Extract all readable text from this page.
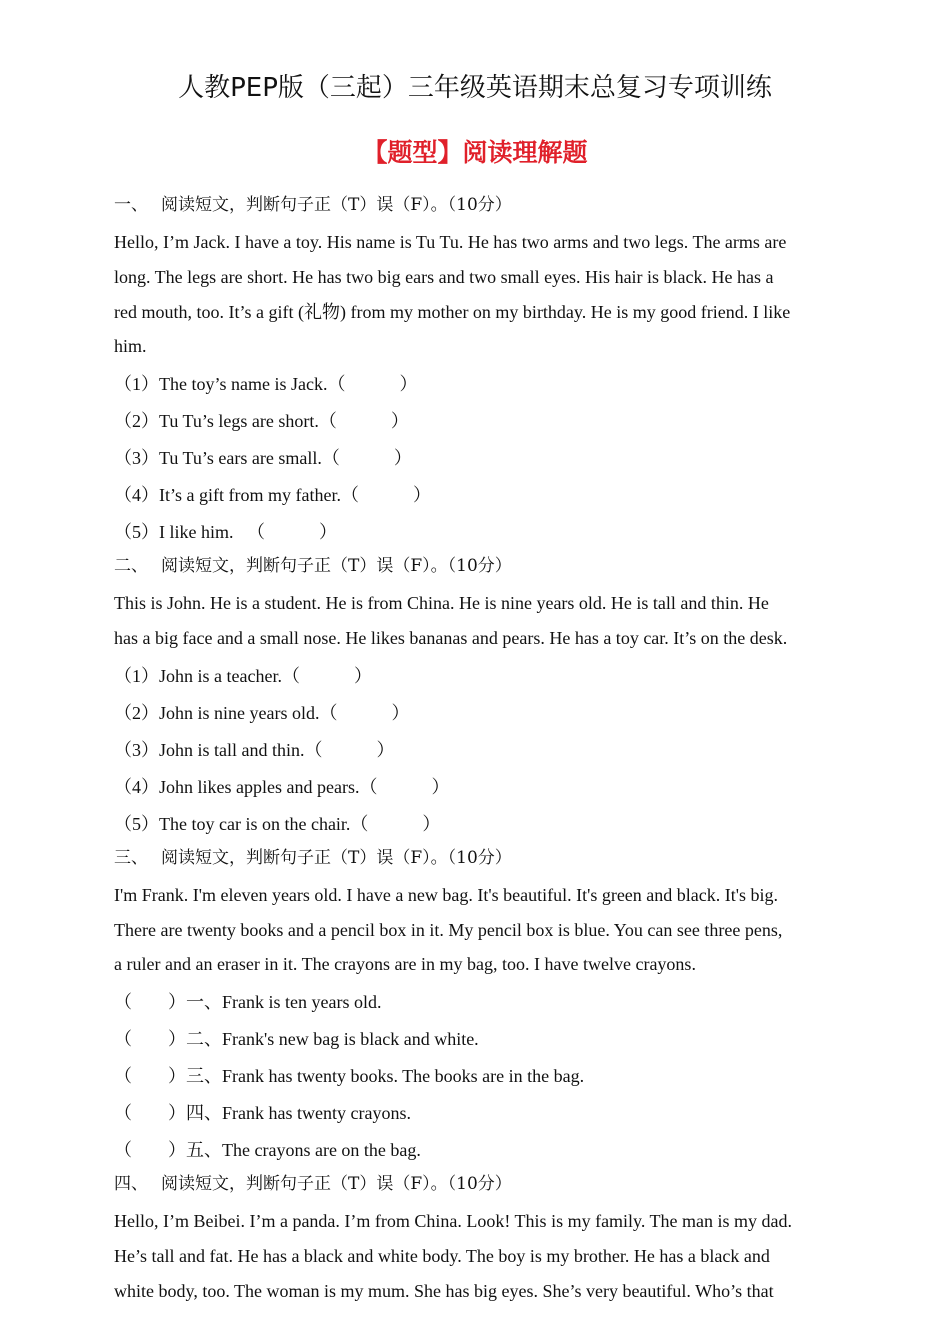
人教PEP版（三起）三年级英语期末总复习专项训练
【题型】阅读理解题
一、 阅读短文，判断句子正（T）误（F）。（10分）
Hello, I’m Jack. I have a toy. His name is Tu Tu. He has two arms and two legs. The arms are
long. The legs are short. He has two big ears and two small eyes. His hair is black. He has a
red mouth, too. It’s a gift (礼物) from my mother on my birthday. He is my good friend. I like
him.
（1）The toy’s name is Jack.（　　　）
（2）Tu Tu’s legs are short.（　　　）
（3）Tu Tu’s ears are small.（　　　）
（4）It’s a gift from my father.（　　　）
（5）I like him. 　（　　　）
二、 阅读短文，判断句子正（T）误（F）。（10分）
This is John. He is a student. He is from China. He is nine years old. He is tall and thin. He
has a big face and a small nose. He likes bananas and pears. He has a toy car. It’s on the desk.
（1）John is a teacher.（　　　）
（2）John is nine years old.（　　　）
（3）John is tall and thin.（　　　）
（4）John likes apples and pears.（　　　）
（5）The toy car is on the chair.（　　　）
三、 阅读短文，判断句子正（T）误（F）。（10分）
I'm Frank. I'm eleven years old. I have a new bag. It's beautiful. It's green and black. It's big.
There are twenty books and a pencil box in it. My pencil box is blue. You can see three pens,
a ruler and an eraser in it. The crayons are in my bag, too. I have twelve crayons.
（　　）一、Frank is ten years old.
（　　）二、Frank's new bag is black and white.
（　　）三、Frank has twenty books. The books are in the bag.
（　　）四、Frank has twenty crayons.
（　　）五、The crayons are on the bag.
四、 阅读短文，判断句子正（T）误（F）。（10分）
Hello, I’m Beibei. I’m a panda. I’m from China. Look! This is my family. The man is my dad.
He’s tall and fat. He has a black and white body. The boy is my brother. He has a black and
white body, too. The woman is my mum. She has big eyes. She’s very beautiful. Who’s that
